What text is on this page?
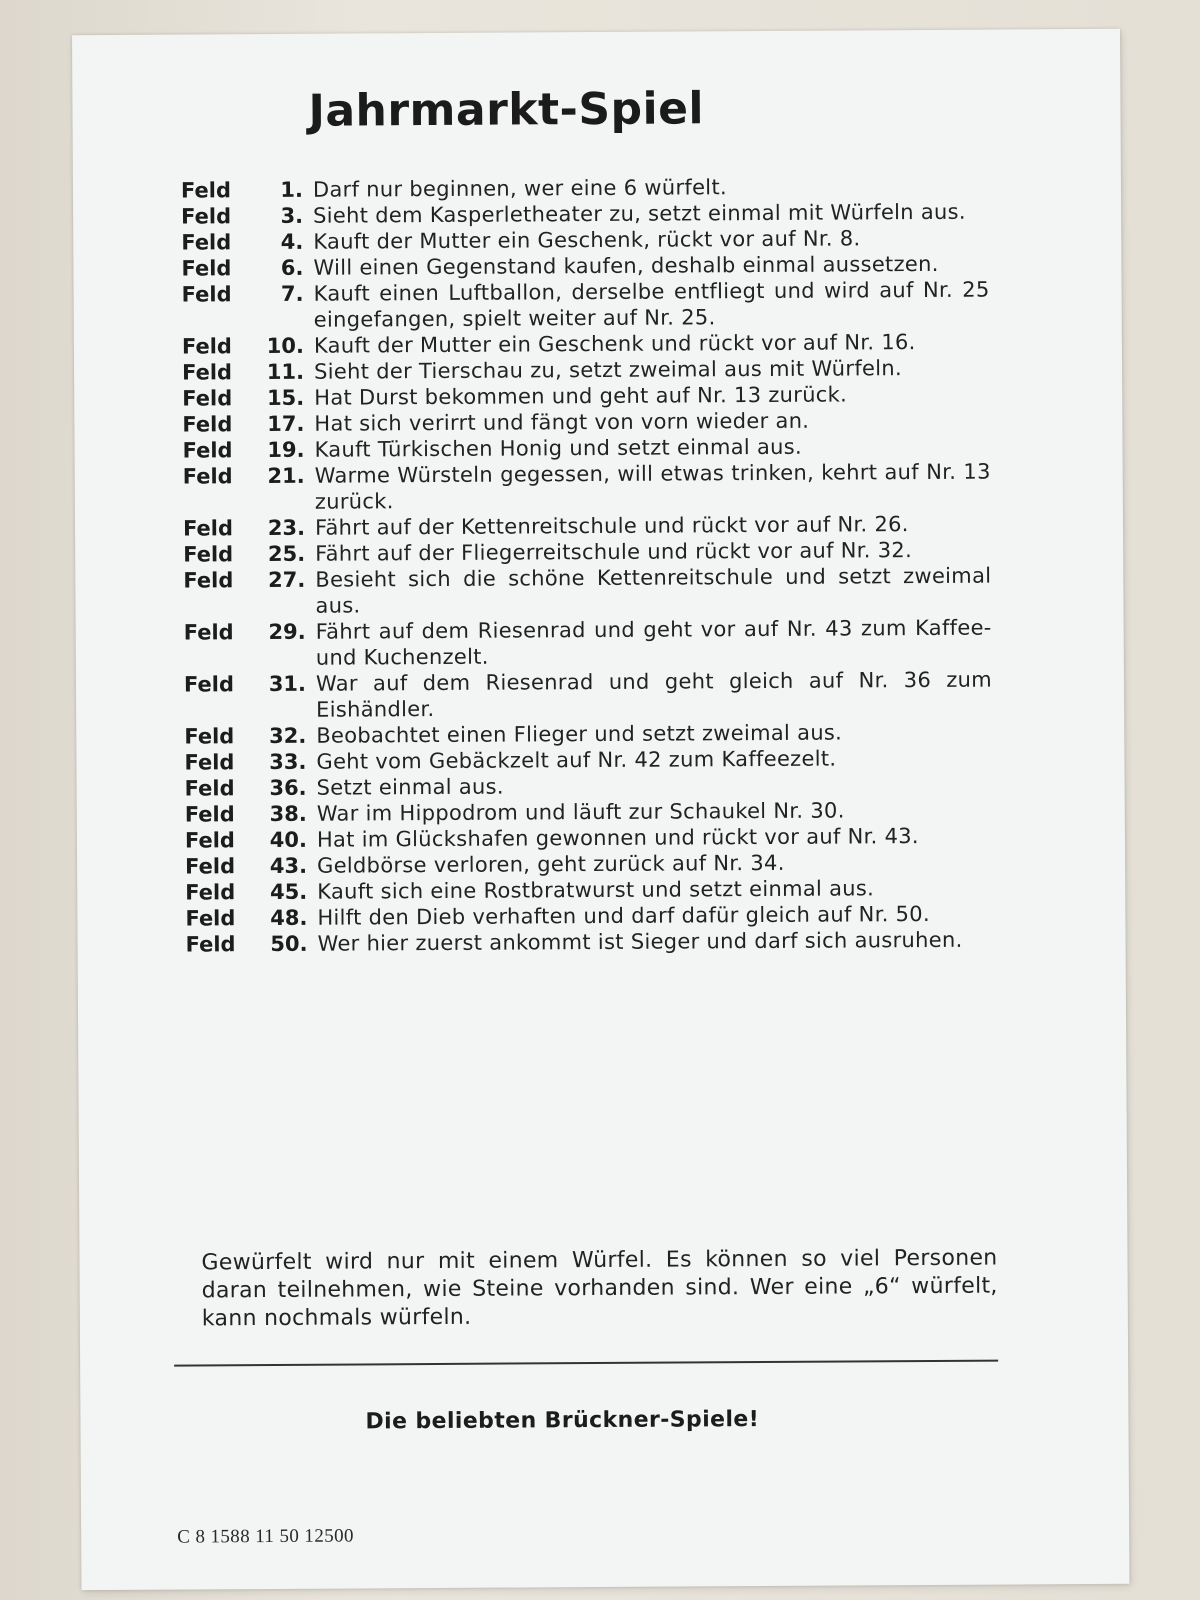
Jahrmarkt-Spiel
Feld	1. Darf nur beginnen, wer eine 6 würfelt.
Feld	3. Sieht dem Kasperletheater zu, setzt einmal mit Würfeln aus.
Feld	4. Kauft der Mutter ein Geschenk, rückt vor auf Nr. 8.
Feld	6. Will einen Gegenstand kaufen, deshalb einmal aussetzen.
Feld	7. Kauft einen Luftballon, derselbe entfliegt und wird auf Nr. 25 eingefangen, spielt weiter auf Nr. 25.
Feld	10. Kauft der Mutter ein Geschenk und rückt vor auf Nr. 16.
Feld	11. Sieht der Tierschau zu, setzt zweimal aus mit Würfeln.
Feld	15. Hat Durst bekommen und geht auf Nr. 13 zurück.
Feld	17. Hat sich verirrt und fängt von vorn wieder an.
Feld	19. Kauft Türkischen Honig und setzt einmal aus.
Feld	21. Warme Würsteln gegessen, will etwas trinken, kehrt auf Nr. 13 zurück.
Feld	23. Fährt auf der Kettenreitschule und rückt vor auf Nr. 26.
Feld	25. Fährt auf der Fliegerreitschule und rückt vor auf Nr. 32.
Feld	27. Besieht sich die schöne Kettenreitschule und setzt zweimal aus.
Feld	29. Fährt auf dem Riesenrad und geht vor auf Nr. 43 zum Kaffee- und Kuchenzelt.
Feld	31. War auf dem Riesenrad und geht gleich auf Nr. 36 zum Eishändler.
Feld	32. Beobachtet einen Flieger und setzt zweimal aus.
Feld	33. Geht vom Gebäckzelt auf Nr. 42 zum Kaffeezelt.
Feld	36. Setzt einmal aus.
Feld	38. War im Hippodrom und läuft zur Schaukel Nr. 30.
Feld	40. Hat im Glückshafen gewonnen und rückt vor auf Nr. 43.
Feld	43. Geldbörse verloren, geht zurück auf Nr. 34.
Feld	45. Kauft sich eine Rostbratwurst und setzt einmal aus.
Feld	48. Hilft den Dieb verhaften und darf dafür gleich auf Nr. 50.
Feld	50. Wer hier zuerst ankommt ist Sieger und darf sich ausruhen.
Gewürfelt wird nur mit einem Würfel. Es können so viel Personen daran teilnehmen, wie Steine vorhanden sind. Wer eine „6“ würfelt, kann nochmals würfeln.
Die beliebten Brückner-Spiele!
C 8 1588 11 50 12500
